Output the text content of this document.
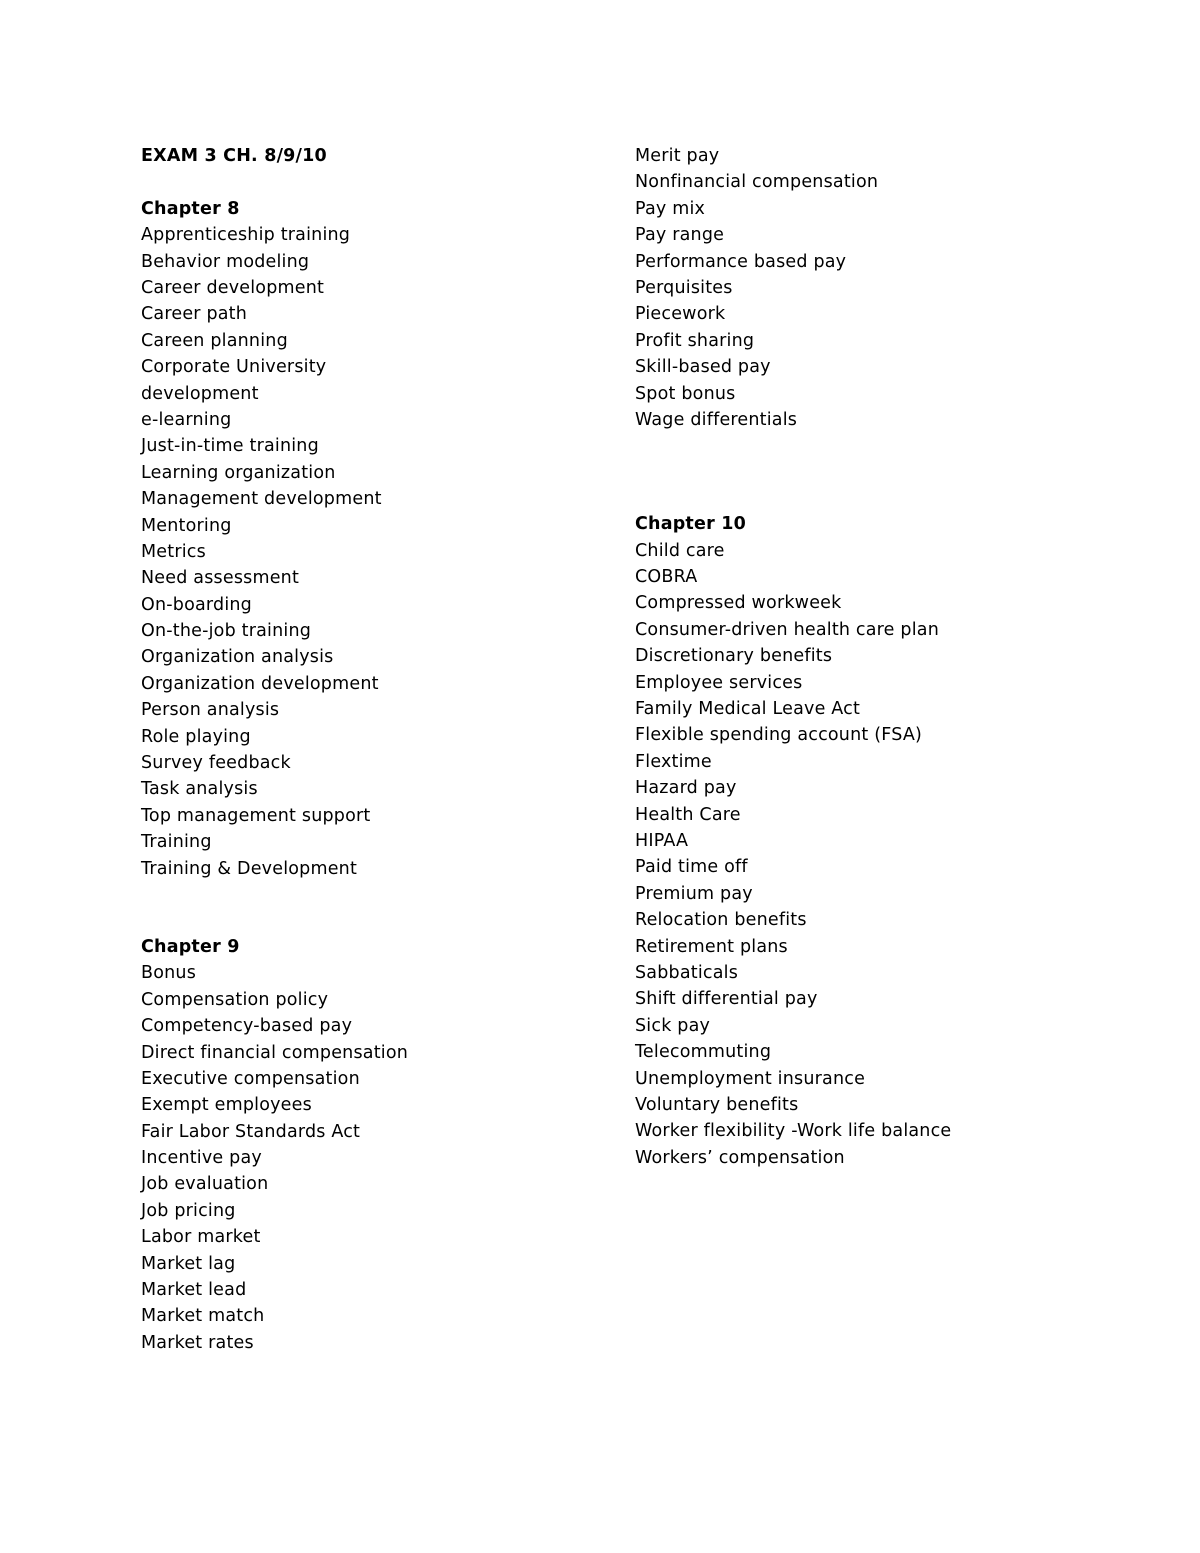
EXAM 3 CH. 8/9/10

Chapter 8

Apprenticeship training

Behavior modeling

Career development

Career path

Careen planning

Corporate University development

e-learning

Just-in-time training

Learning organization

Management development

Mentoring

Metrics

Need assessment

On-boarding

On-the-job training

Organization analysis

Organization development

Person analysis

Role playing

Survey feedback

Task analysis

Top management support

Training

Training & Development

Chapter 9

Bonus

Compensation policy

Competency-based pay

Direct financial compensation

Executive compensation

Exempt employees

Fair Labor Standards Act

Incentive pay

Job evaluation

Job pricing

Labor market

Market lag

Market lead

Market match

Market rates

Merit pay

Nonfinancial compensation

Pay mix

Pay range

Performance based pay

Perquisites

Piecework

Profit sharing

Skill-based pay

Spot bonus

Wage differentials

Chapter 10

Child care

COBRA

Compressed workweek

Consumer-driven health care plan

Discretionary benefits

Employee services

Family Medical Leave Act

Flexible spending account (FSA)

Flextime

Hazard pay

Health Care

HIPAA

Paid time off

Premium pay

Relocation benefits

Retirement plans

Sabbaticals

Shift differential pay

Sick pay

Telecommuting

Unemployment insurance

Voluntary benefits

Worker flexibility -Work life balance

Workers’ compensation
